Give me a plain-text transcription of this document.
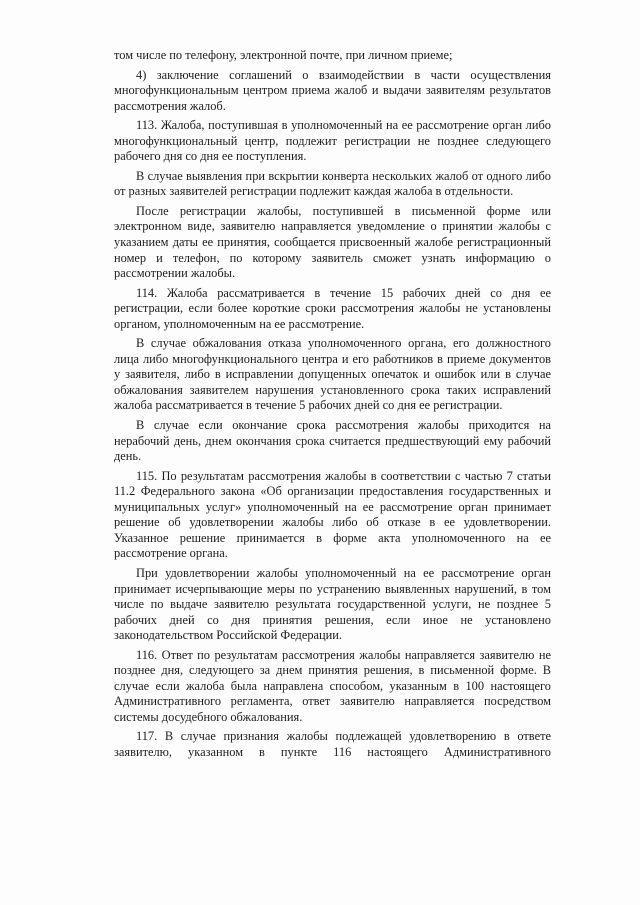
том числе по телефону, электронной почте, при личном приеме;

4) заключение соглашений о взаимодействии в части осуществления многофункциональным центром приема жалоб и выдачи заявителям результатов рассмотрения жалоб.

113. Жалоба, поступившая в уполномоченный на ее рассмотрение орган либо многофункциональный центр, подлежит регистрации не позднее следующего рабочего дня со дня ее поступления.

В случае выявления при вскрытии конверта нескольких жалоб от одного либо от разных заявителей регистрации подлежит каждая жалоба в отдельности.

После регистрации жалобы, поступившей в письменной форме или электронном виде, заявителю направляется уведомление о принятии жалобы с указанием даты ее принятия, сообщается присвоенный жалобе регистрационный номер и телефон, по которому заявитель сможет узнать информацию о рассмотрении жалобы.

114. Жалоба рассматривается в течение 15 рабочих дней со дня ее регистрации, если более короткие сроки рассмотрения жалобы не установлены органом, уполномоченным на ее рассмотрение.

В случае обжалования отказа уполномоченного органа, его должностного лица либо многофункционального центра и его работников в приеме документов у заявителя, либо в исправлении допущенных опечаток и ошибок или в случае обжалования заявителем нарушения установленного срока таких исправлений жалоба рассматривается в течение 5 рабочих дней со дня ее регистрации.

В случае если окончание срока рассмотрения жалобы приходится на нерабочий день, днем окончания срока считается предшествующий ему рабочий день.

115. По результатам рассмотрения жалобы в соответствии с частью 7 статьи 11.2 Федерального закона «Об организации предоставления государственных и муниципальных услуг» уполномоченный на ее рассмотрение орган принимает решение об удовлетворении жалобы либо об отказе в ее удовлетворении. Указанное решение принимается в форме акта уполномоченного на ее рассмотрение органа.

При удовлетворении жалобы уполномоченный на ее рассмотрение орган принимает исчерпывающие меры по устранению выявленных нарушений, в том числе по выдаче заявителю результата государственной услуги, не позднее 5 рабочих дней со дня принятия решения, если иное не установлено законодательством Российской Федерации.

116. Ответ по результатам рассмотрения жалобы направляется заявителю не позднее дня, следующего за днем принятия решения, в письменной форме. В случае если жалоба была направлена способом, указанным в 100 настоящего Административного регламента, ответ заявителю направляется посредством системы досудебного обжалования.

117. В случае признания жалобы подлежащей удовлетворению в ответе заявителю, указанном в пункте 116 настоящего Административного
